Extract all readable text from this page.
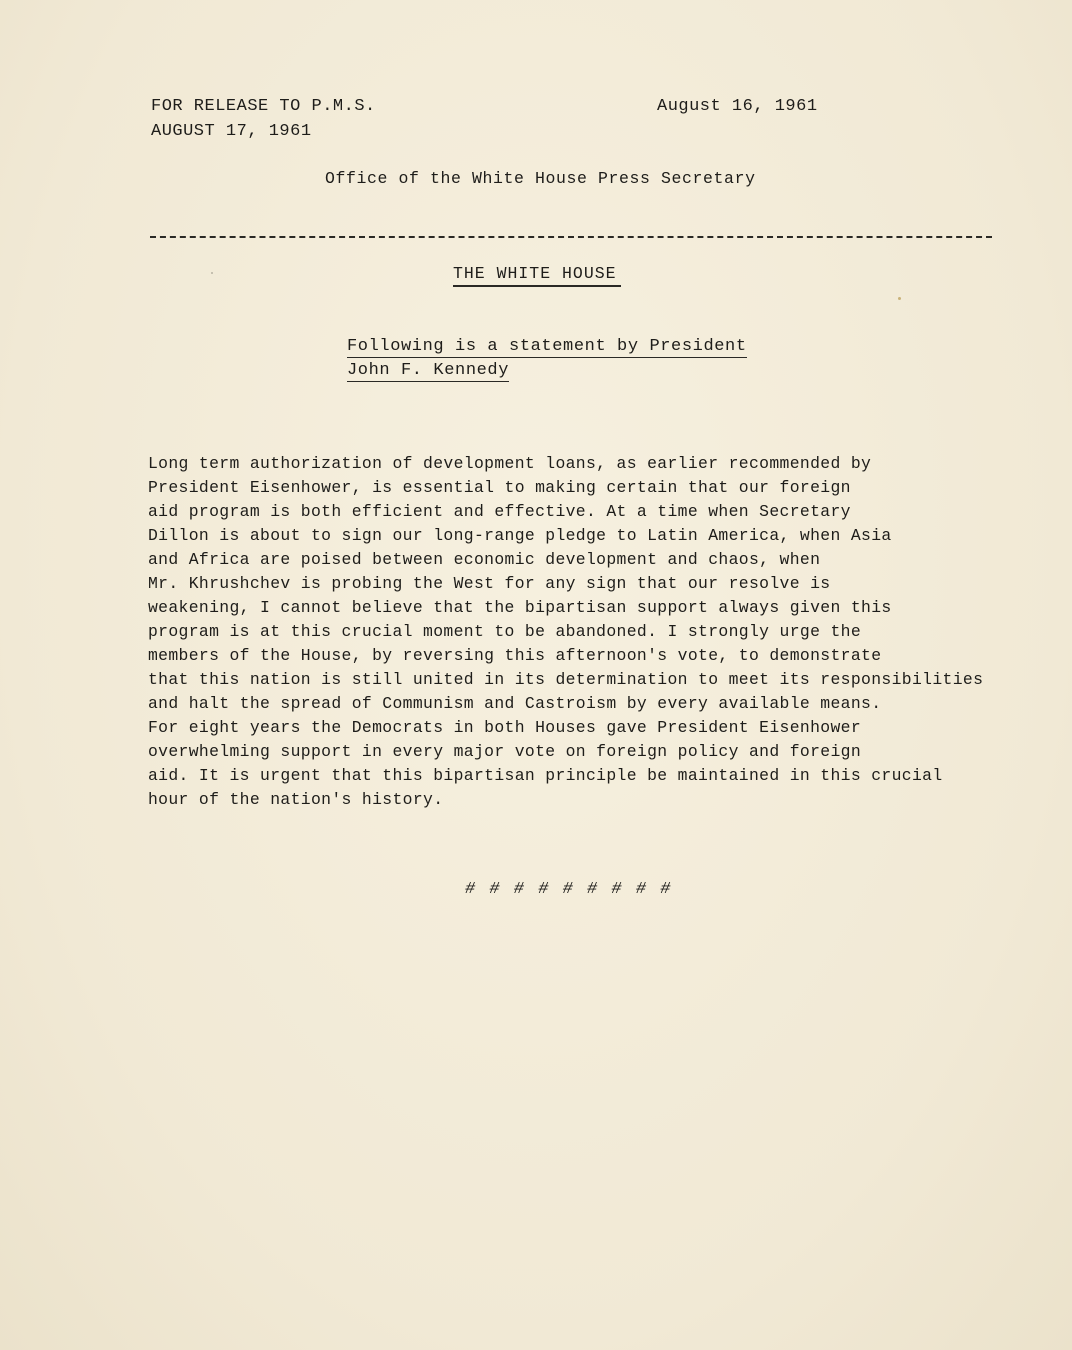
FOR RELEASE TO P.M.S.
AUGUST 17, 1961
August 16, 1961
Office of the White House Press Secretary
THE WHITE HOUSE
Following is a statement by President
John F. Kennedy
Long term authorization of development loans, as earlier recommended by
President Eisenhower, is essential to making certain that our foreign
aid program is both efficient and effective. At a time when Secretary
Dillon is about to sign our long-range pledge to Latin America, when Asia
and Africa are poised between economic development and chaos, when
Mr. Khrushchev is probing the West for any sign that our resolve is
weakening, I cannot believe that the bipartisan support always given this
program is at this crucial moment to be abandoned. I strongly urge the
members of the House, by reversing this afternoon's vote, to demonstrate
that this nation is still united in its determination to meet its responsibilities
and halt the spread of Communism and Castroism by every available means.
For eight years the Democrats in both Houses gave President Eisenhower
overwhelming support in every major vote on foreign policy and foreign
aid. It is urgent that this bipartisan principle be maintained in this crucial
hour of the nation's history.
# # # # # # # # #
